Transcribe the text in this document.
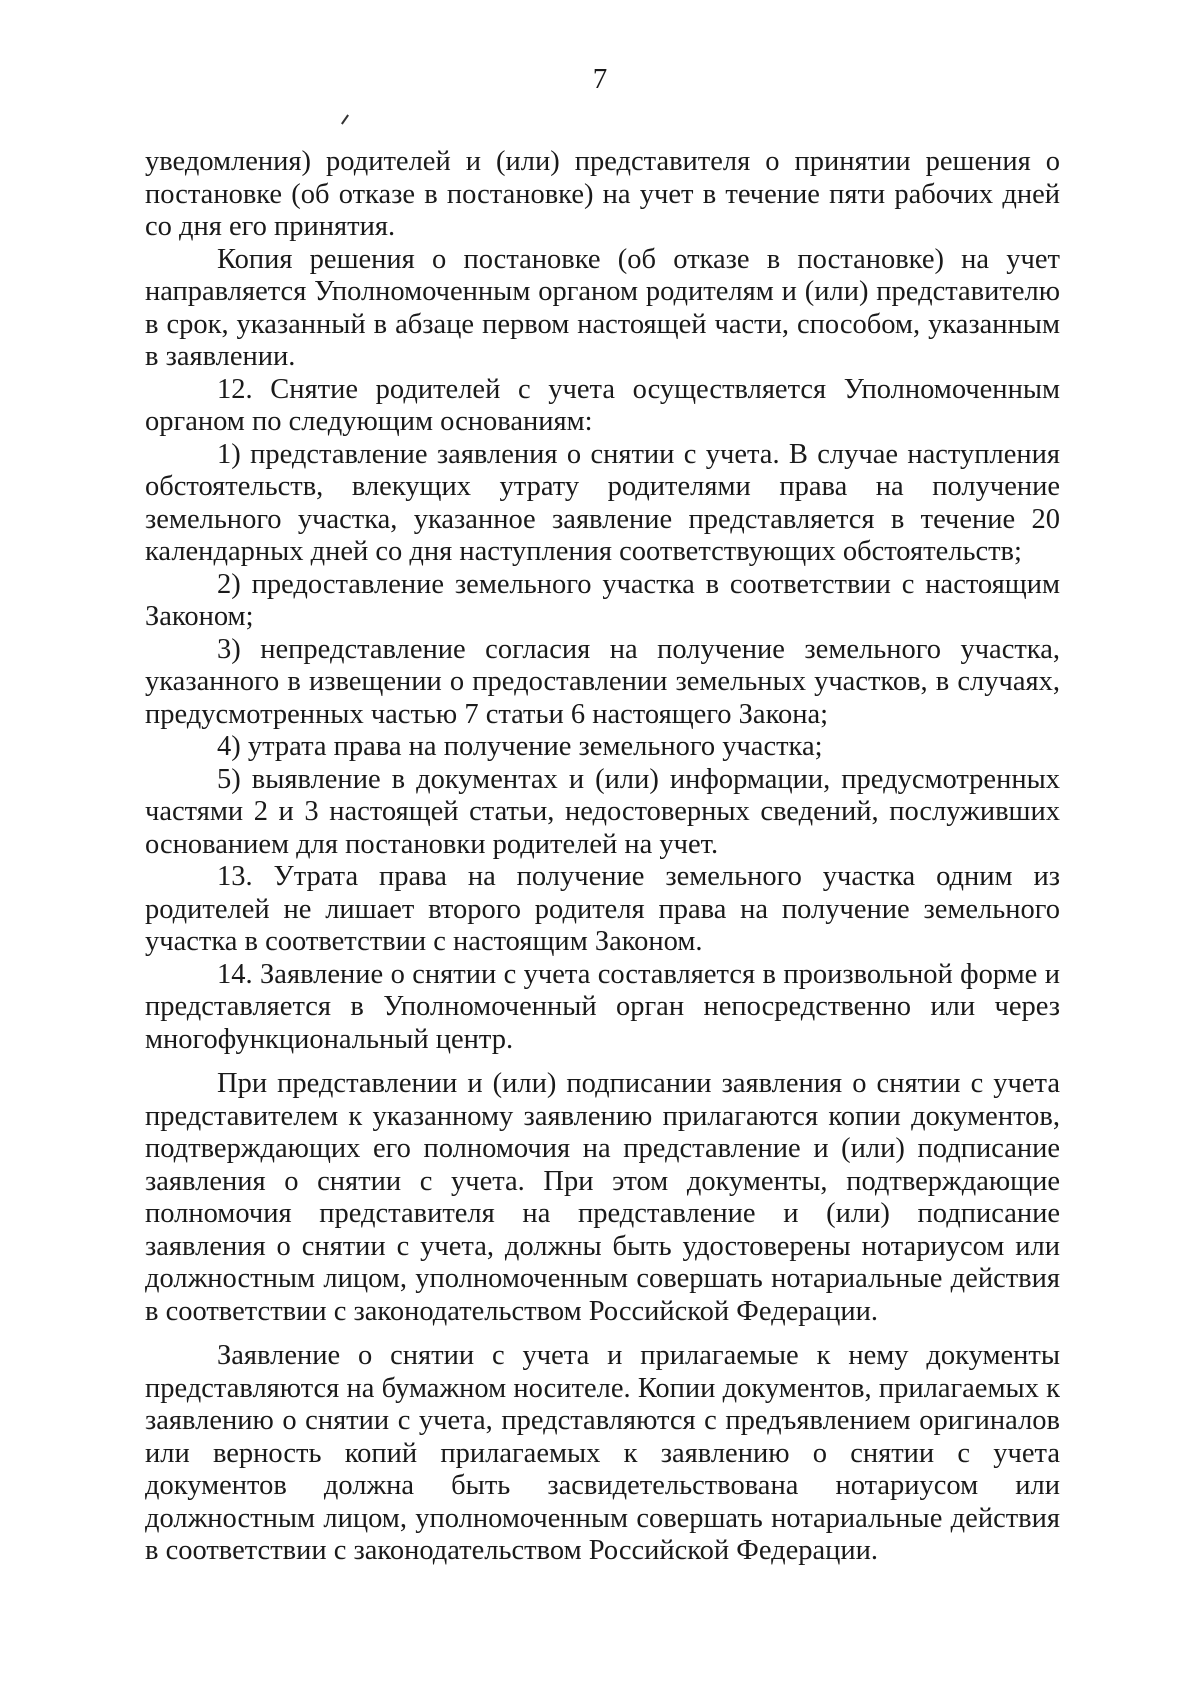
7

уведомления) родителей и (или) представителя о принятии решения о постановке (об отказе в постановке) на учет в течение пяти рабочих дней со дня его принятия.

Копия решения о постановке (об отказе в постановке) на учет направляется Уполномоченным органом родителям и (или) представителю в срок, указанный в абзаце первом настоящей части, способом, указанным в заявлении.

12. Снятие родителей с учета осуществляется Уполномоченным органом по следующим основаниям:

1) представление заявления о снятии с учета. В случае наступления обстоятельств, влекущих утрату родителями права на получение земельного участка, указанное заявление представляется в течение 20 календарных дней со дня наступления соответствующих обстоятельств;

2) предоставление земельного участка в соответствии с настоящим Законом;

3) непредставление согласия на получение земельного участка, указанного в извещении о предоставлении земельных участков, в случаях, предусмотренных частью 7 статьи 6 настоящего Закона;

4) утрата права на получение земельного участка;

5) выявление в документах и (или) информации, предусмотренных частями 2 и 3 настоящей статьи, недостоверных сведений, послуживших основанием для постановки родителей на учет.

13. Утрата права на получение земельного участка одним из родителей не лишает второго родителя права на получение земельного участка в соответствии с настоящим Законом.

14. Заявление о снятии с учета составляется в произвольной форме и представляется в Уполномоченный орган непосредственно или через многофункциональный центр.

При представлении и (или) подписании заявления о снятии с учета представителем к указанному заявлению прилагаются копии документов, подтверждающих его полномочия на представление и (или) подписание заявления о снятии с учета. При этом документы, подтверждающие полномочия представителя на представление и (или) подписание заявления о снятии с учета, должны быть удостоверены нотариусом или должностным лицом, уполномоченным совершать нотариальные действия в соответствии с законодательством Российской Федерации.

Заявление о снятии с учета и прилагаемые к нему документы представляются на бумажном носителе. Копии документов, прилагаемых к заявлению о снятии с учета, представляются с предъявлением оригиналов или верность копий прилагаемых к заявлению о снятии с учета документов должна быть засвидетельствована нотариусом или должностным лицом, уполномоченным совершать нотариальные действия в соответствии с законодательством Российской Федерации.
